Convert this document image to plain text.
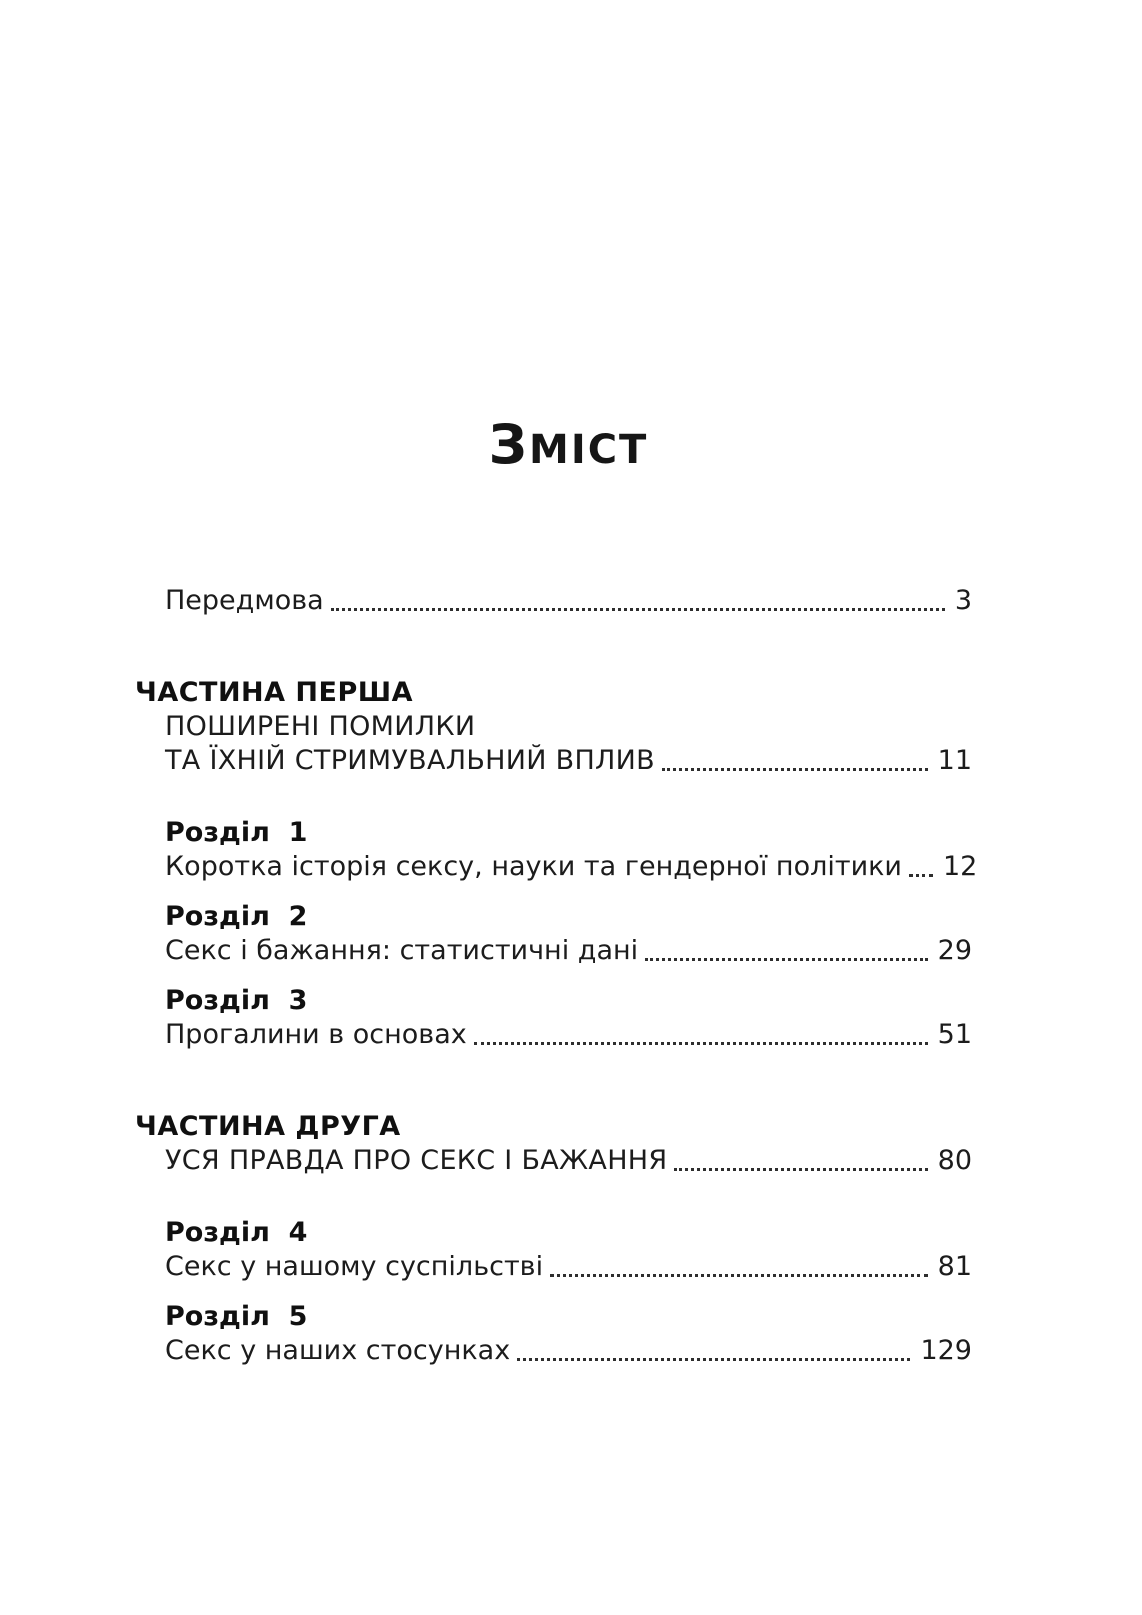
ЗМІСТ
Передмова	3
ЧАСТИНА ПЕРША
ПОШИРЕНІ ПОМИЛКИ
ТА ЇХНІЙ СТРИМУВАЛЬНИЙ ВПЛИВ	11
Розділ  1
Коротка історія сексу, науки та гендерної політики 12
Розділ  2
Секс і бажання: статистичні дані	29
Розділ  3
Прогалини в основах	51
ЧАСТИНА ДРУГА
УСЯ ПРАВДА ПРО СЕКС І БАЖАННЯ	80
Розділ  4
Секс у нашому суспільстві	81
Розділ  5
Секс у наших стосунках	129
